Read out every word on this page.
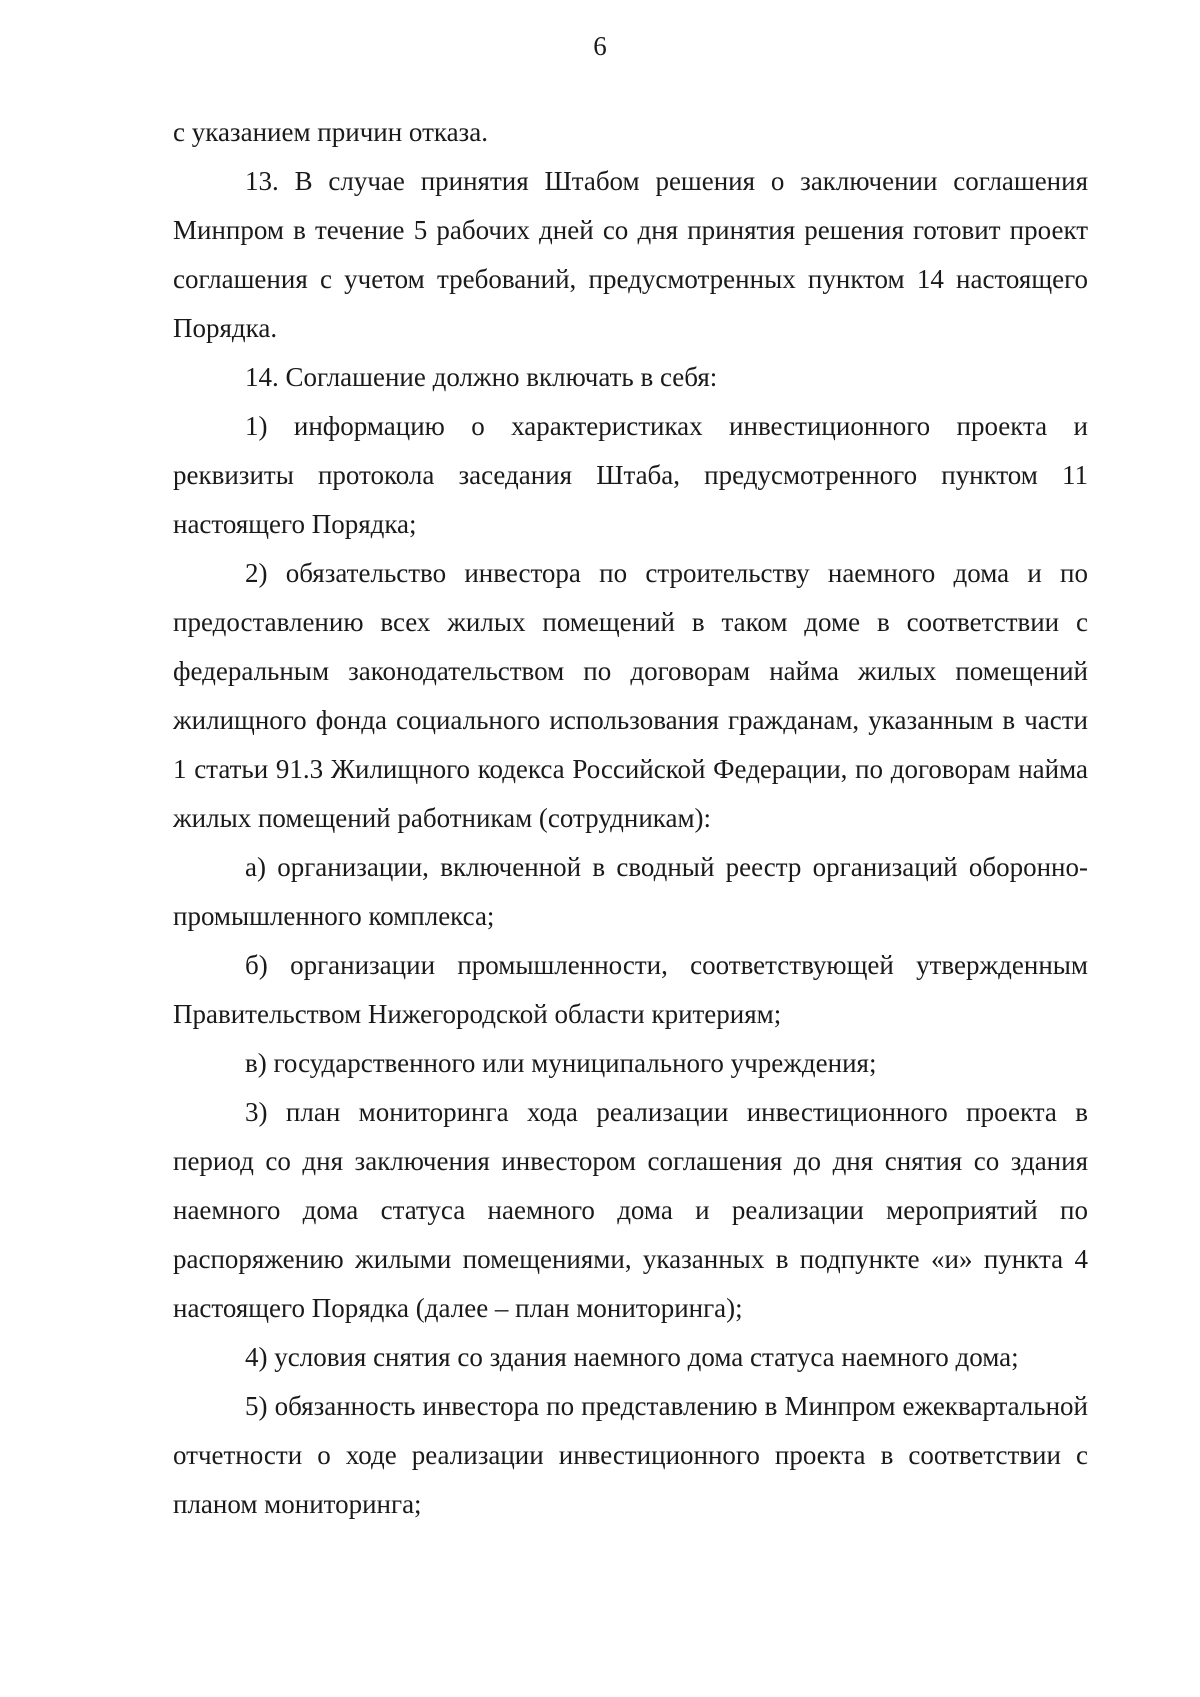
6

с указанием причин отказа.

13. В случае принятия Штабом решения о заключении соглашения Минпром в течение 5 рабочих дней со дня принятия решения готовит проект соглашения с учетом требований, предусмотренных пунктом 14 настоящего Порядка.

14. Соглашение должно включать в себя:

1) информацию о характеристиках инвестиционного проекта и реквизиты протокола заседания Штаба, предусмотренного пунктом 11 настоящего Порядка;

2) обязательство инвестора по строительству наемного дома и по предоставлению всех жилых помещений в таком доме в соответствии с федеральным законодательством по договорам найма жилых помещений жилищного фонда социального использования гражданам, указанным в части 1 статьи 91.3 Жилищного кодекса Российской Федерации, по договорам найма жилых помещений работникам (сотрудникам):

а) организации, включенной в сводный реестр организаций оборонно-промышленного комплекса;

б) организации промышленности, соответствующей утвержденным Правительством Нижегородской области критериям;

в) государственного или муниципального учреждения;

3) план мониторинга хода реализации инвестиционного проекта в период со дня заключения инвестором соглашения до дня снятия со здания наемного дома статуса наемного дома и реализации мероприятий по распоряжению жилыми помещениями, указанных в подпункте «и» пункта 4 настоящего Порядка (далее – план мониторинга);

4) условия снятия со здания наемного дома статуса наемного дома;

5) обязанность инвестора по представлению в Минпром ежеквартальной отчетности о ходе реализации инвестиционного проекта в соответствии с планом мониторинга;
